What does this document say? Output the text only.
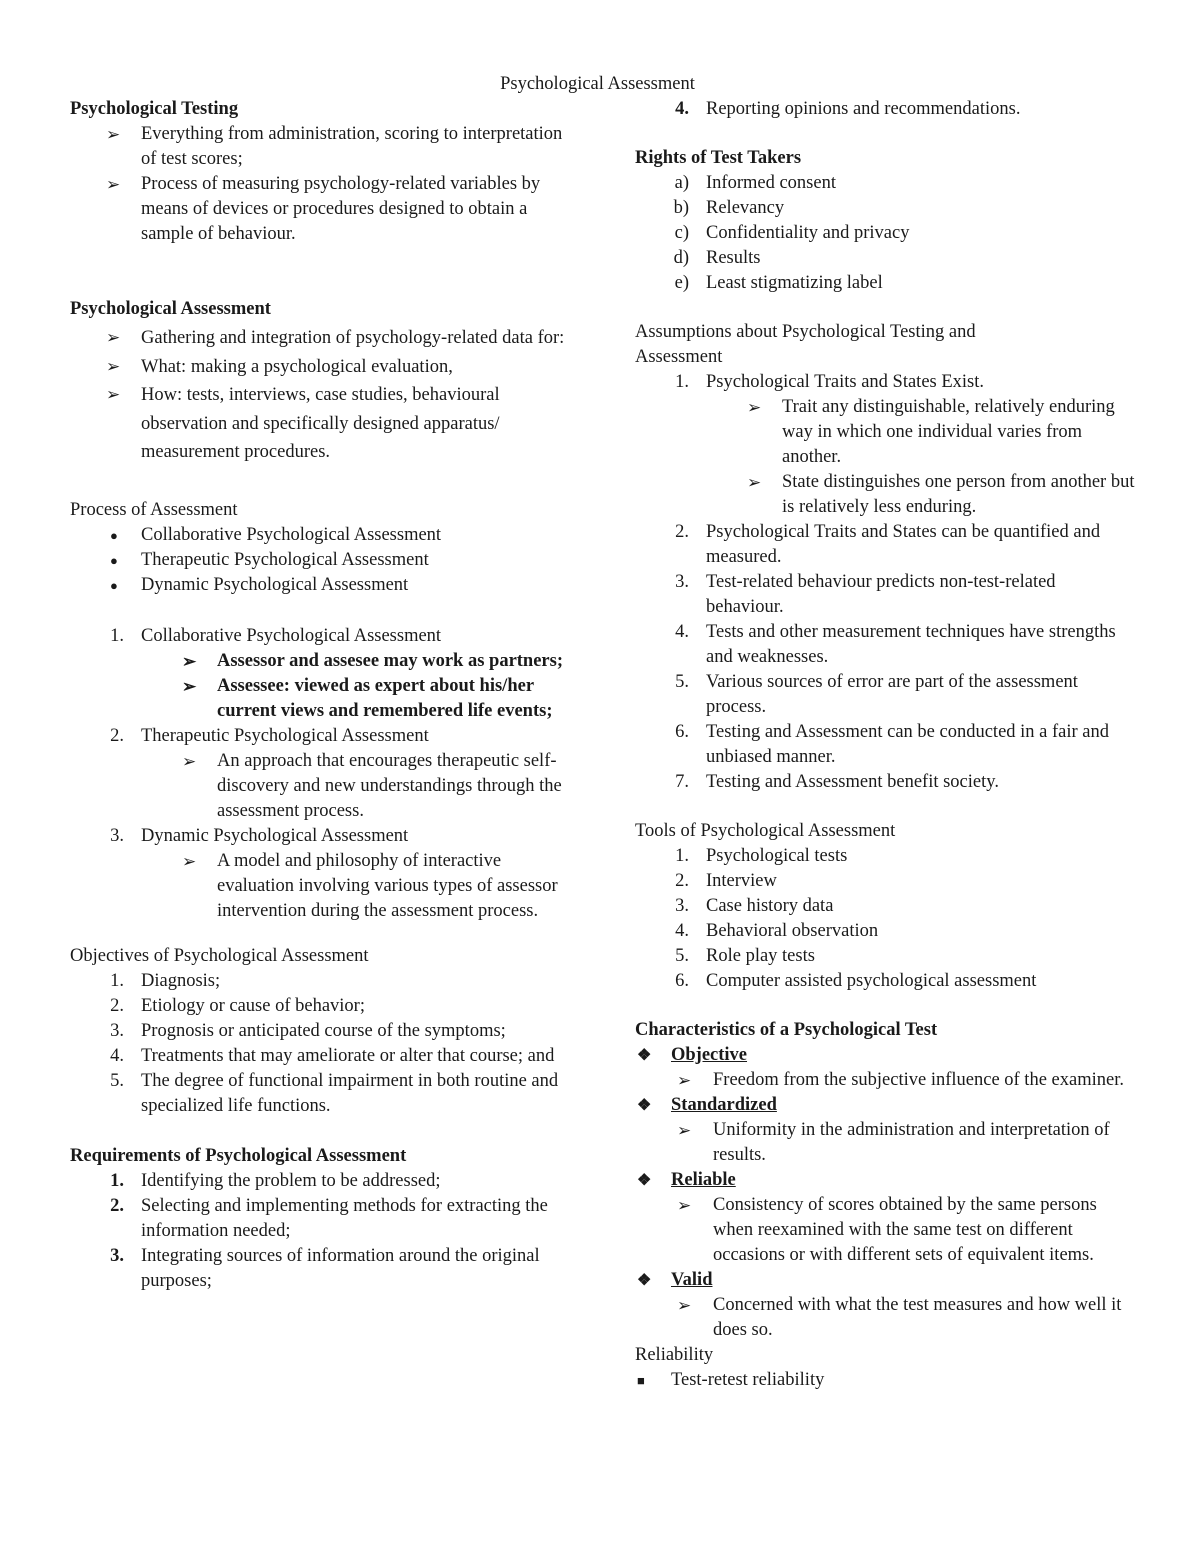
Psychological Assessment
Psychological Testing
➢	Everything from administration, scoring to interpretation of test scores;
➢	Process of measuring psychology-related variables by means of devices or procedures designed to obtain a sample of behaviour.
Psychological Assessment
➢	Gathering and integration of psychology-related data for:
➢	What: making a psychological evaluation,
➢	How: tests, interviews, case studies, behavioural observation and specifically designed apparatus/ measurement procedures.
Process of Assessment
●	Collaborative Psychological Assessment
●	Therapeutic Psychological Assessment
●	Dynamic Psychological Assessment
1. Collaborative Psychological Assessment
➢	Assessor and assesee may work as partners;
➢	Assessee: viewed as expert about his/her current views and remembered life events;
2. Therapeutic Psychological Assessment
➢	An approach that encourages therapeutic self-discovery and new understandings through the assessment process.
3. Dynamic Psychological Assessment
➢	A model and philosophy of interactive evaluation involving various types of assessor intervention during the assessment process.
Objectives of Psychological Assessment
1. Diagnosis;
2. Etiology or cause of behavior;
3. Prognosis or anticipated course of the symptoms;
4. Treatments that may ameliorate or alter that course; and
5. The degree of functional impairment in both routine and specialized life functions.
Requirements of Psychological Assessment
1. Identifying the problem to be addressed;
2. Selecting and implementing methods for extracting the information needed;
3. Integrating sources of information around the original purposes;
4. Reporting opinions and recommendations.
Rights of Test Takers
a) Informed consent
b) Relevancy
c) Confidentiality and privacy
d) Results
e) Least stigmatizing label
Assumptions about Psychological Testing and Assessment
1. Psychological Traits and States Exist.
➢	Trait any distinguishable, relatively enduring way in which one individual varies from another.
➢	State distinguishes one person from another but is relatively less enduring.
2. Psychological Traits and States can be quantified and measured.
3. Test-related behaviour predicts non-test-related behaviour.
4. Tests and other measurement techniques have strengths and weaknesses.
5. Various sources of error are part of the assessment process.
6. Testing and Assessment can be conducted in a fair and unbiased manner.
7. Testing and Assessment benefit society.
Tools of Psychological Assessment
1. Psychological tests
2. Interview
3. Case history data
4. Behavioral observation
5. Role play tests
6. Computer assisted psychological assessment
Characteristics of a Psychological Test
❖	Objective
➢	Freedom from the subjective influence of the examiner.
❖	Standardized
➢	Uniformity in the administration and interpretation of results.
❖	Reliable
➢	Consistency of scores obtained by the same persons when reexamined with the same test on different occasions or with different sets of equivalent items.
❖	Valid
➢	Concerned with what the test measures and how well it does so.
Reliability
■	Test-retest reliability
